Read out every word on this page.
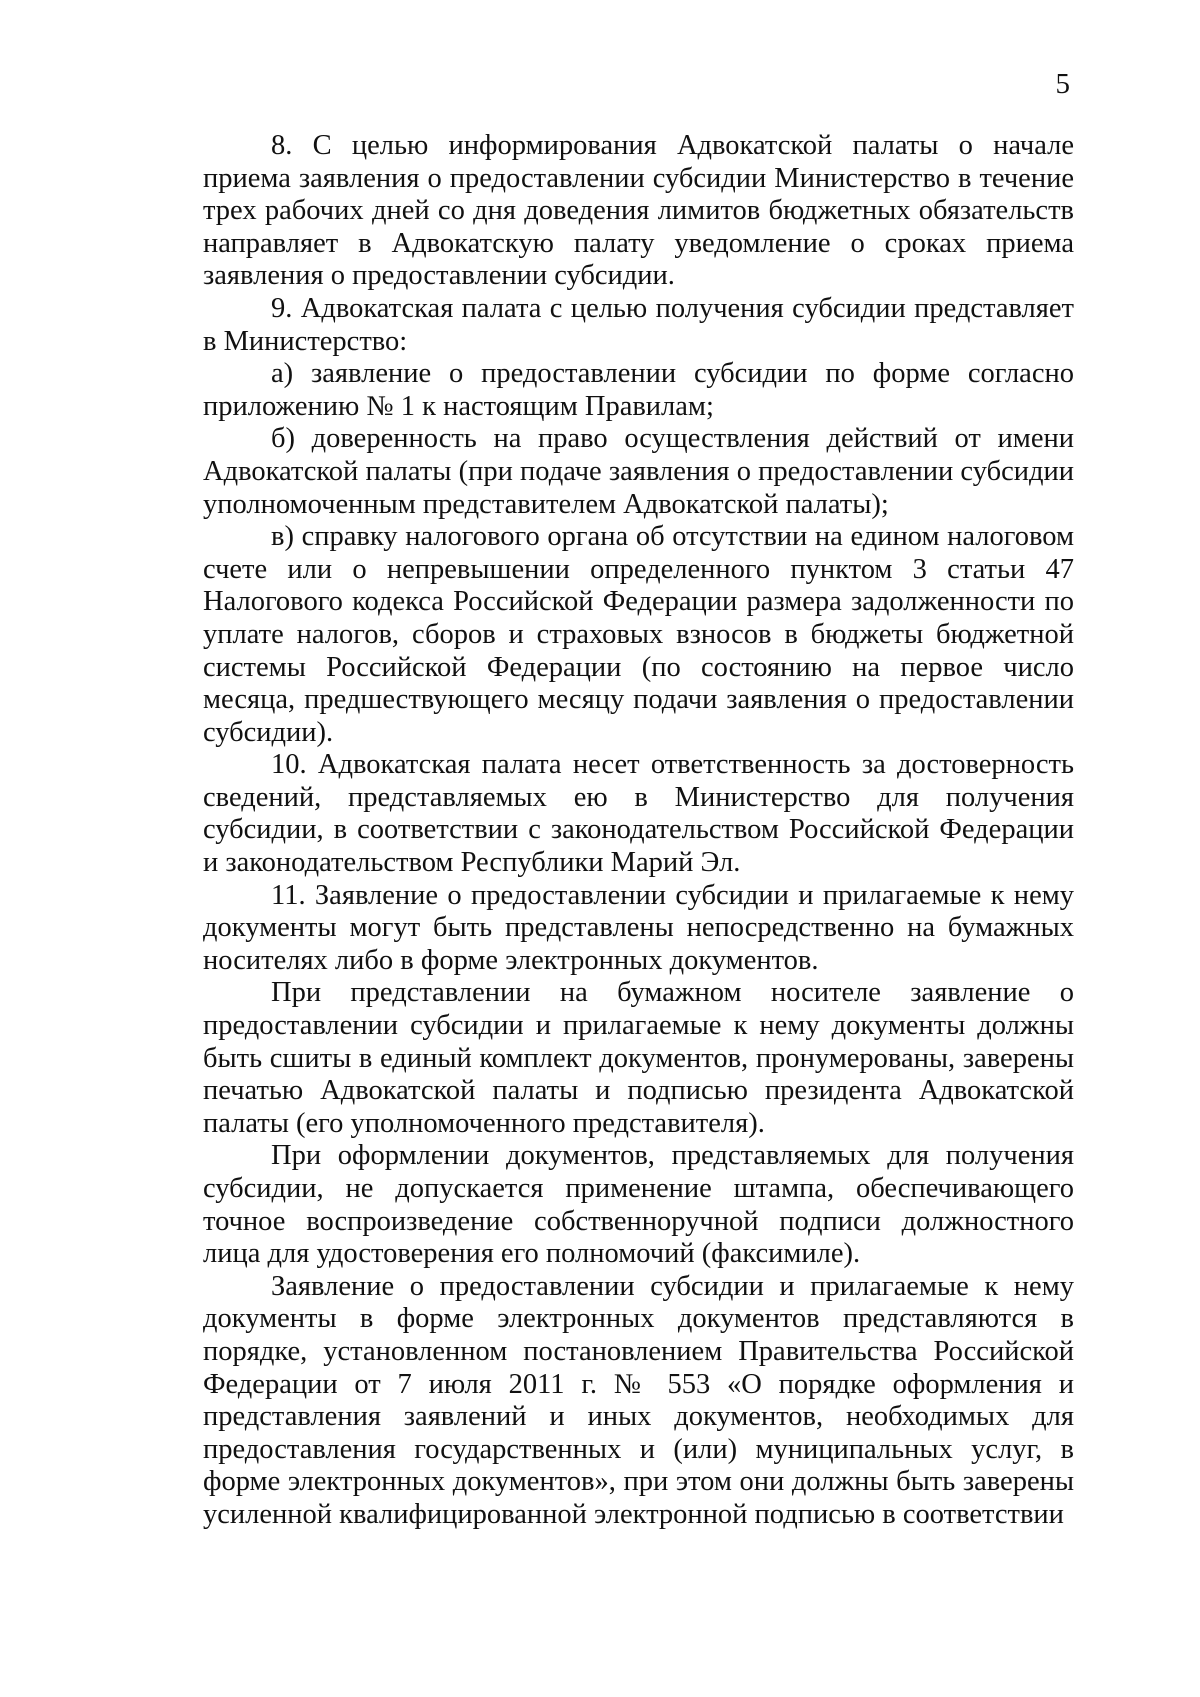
5

8. С целью информирования Адвокатской палаты о начале приема заявления о предоставлении субсидии Министерство в течение трех рабочих дней со дня доведения лимитов бюджетных обязательств направляет в Адвокатскую палату уведомление о сроках приема заявления о предоставлении субсидии.

9. Адвокатская палата с целью получения субсидии представляет в Министерство:

а) заявление о предоставлении субсидии по форме согласно приложению № 1 к настоящим Правилам;

б) доверенность на право осуществления действий от имени Адвокатской палаты (при подаче заявления о предоставлении субсидии уполномоченным представителем Адвокатской палаты);

в) справку налогового органа об отсутствии на едином налоговом счете или о непревышении определенного пунктом 3 статьи 47 Налогового кодекса Российской Федерации размера задолженности по уплате налогов, сборов и страховых взносов в бюджеты бюджетной системы Российской Федерации (по состоянию на первое число месяца, предшествующего месяцу подачи заявления о предоставлении субсидии).

10. Адвокатская палата несет ответственность за достоверность сведений, представляемых ею в Министерство для получения субсидии, в соответствии с законодательством Российской Федерации и законодательством Республики Марий Эл.

11. Заявление о предоставлении субсидии и прилагаемые к нему документы могут быть представлены непосредственно на бумажных носителях либо в форме электронных документов.

При представлении на бумажном носителе заявление о предоставлении субсидии и прилагаемые к нему документы должны быть сшиты в единый комплект документов, пронумерованы, заверены печатью Адвокатской палаты и подписью президента Адвокатской палаты (его уполномоченного представителя).

При оформлении документов, представляемых для получения субсидии, не допускается применение штампа, обеспечивающего точное воспроизведение собственноручной подписи должностного лица для удостоверения его полномочий (факсимиле).

Заявление о предоставлении субсидии и прилагаемые к нему документы в форме электронных документов представляются в порядке, установленном постановлением Правительства Российской Федерации от 7 июля 2011 г. № 553 «О порядке оформления и представления заявлений и иных документов, необходимых для предоставления государственных и (или) муниципальных услуг, в форме электронных документов», при этом они должны быть заверены усиленной квалифицированной электронной подписью в соответствии
